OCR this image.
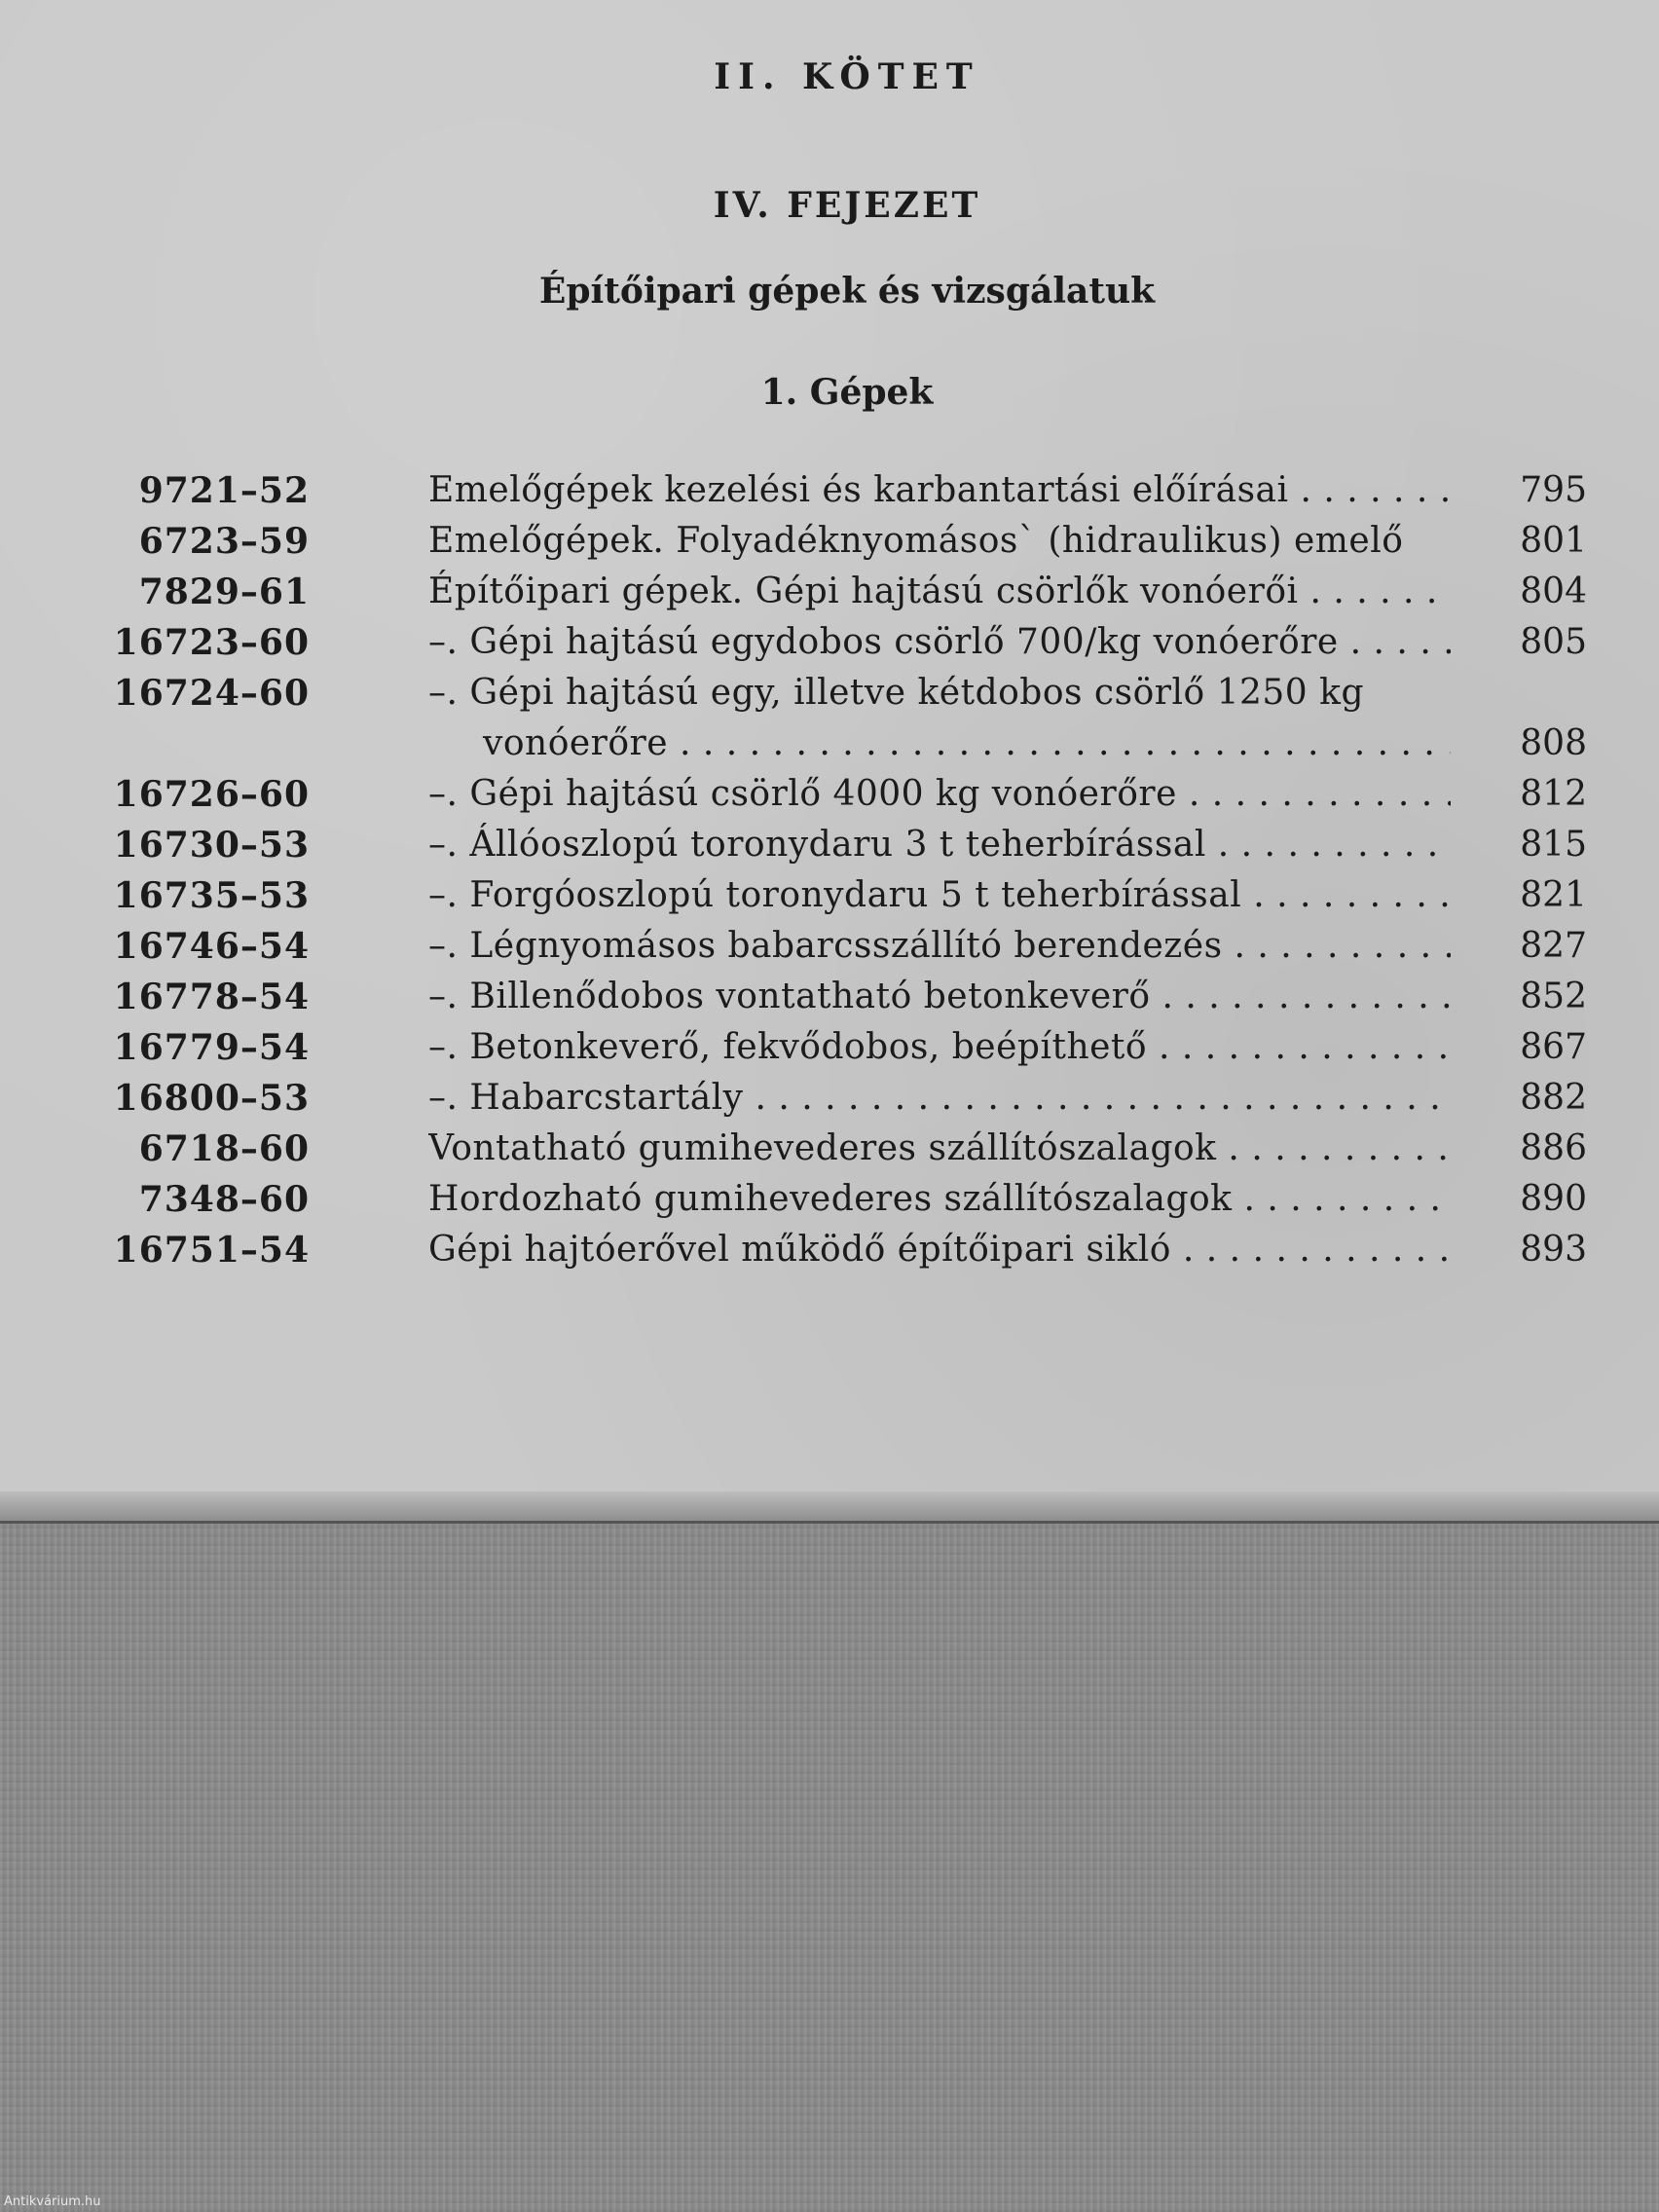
II. KÖTET
IV. FEJEZET
Építőipari gépek és vizsgálatuk
1. Gépek
9721–52	Emelőgépek kezelési és karbantartási előírásai . . .	795
6723–59	Emelőgépek. Folyadéknyomásos` (hidraulikus) emelő	801
7829–61	Építőipari gépek. Gépi hajtású csörlők vonóerői . . .	804
16723–60	–. Gépi hajtású egydobos csörlő 700/kg vonóerőre . . .	805
16724–60	–. Gépi hajtású egy, illetve kétdobos csörlő 1250 kg
vonóerőre . . .	808
16726–60	–. Gépi hajtású csörlő 4000 kg vonóerőre . . .	812
16730–53	–. Állóoszlopú toronydaru 3 t teherbírással . . .	815
16735–53	–. Forgóoszlopú toronydaru 5 t teherbírással . . .	821
16746–54	–. Légnyomásos babarcsszállító berendezés . . .	827
16778–54	–. Billenődobos vontatható betonkeverő . . .	852
16779–54	–. Betonkeverő, fekvődobos, beépíthető . . .	867
16800–53	–. Habarcstartály . . .	882
6718–60	Vontatható gumihevederes szállítószalagok . . .	886
7348–60	Hordozható gumihevederes szállítószalagok . . .	890
16751–54	Gépi hajtóerővel működő építőipari sikló . . .	893
Antikvárium.hu
